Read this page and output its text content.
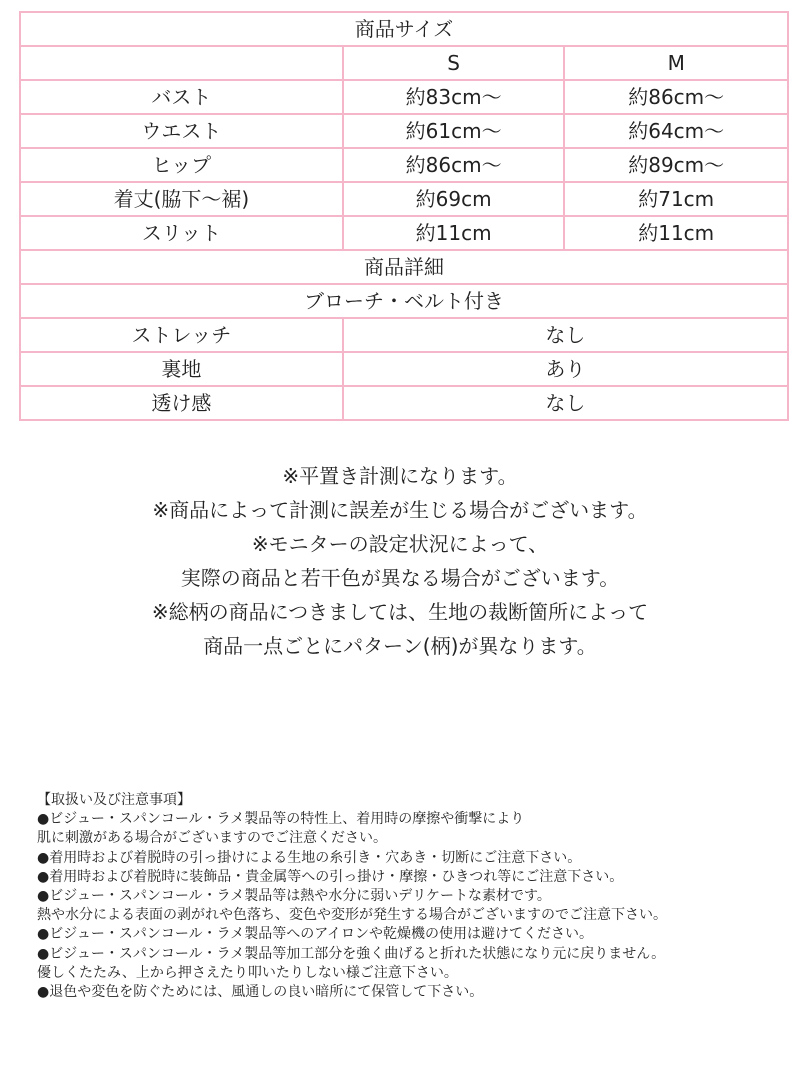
商品サイズ		
	S	M
バスト	約83cm～	約86cm～
ウエスト	約61cm～	約64cm～
ヒップ	約86cm～	約89cm～
着丈(脇下～裾)	約69cm	約71cm
スリット	約11cm	約11cm
商品詳細		
ブローチ・ベルト付き		
ストレッチ	なし	
裏地	あり	
透け感	なし	
※平置き計測になります。
※商品によって計測に誤差が生じる場合がございます。
※モニターの設定状況によって、
実際の商品と若干色が異なる場合がございます。
※総柄の商品につきましては、生地の裁断箇所によって
商品一点ごとにパターン(柄)が異なります。
【取扱い及び注意事項】
●ビジュー・スパンコール・ラメ製品等の特性上、着用時の摩擦や衝撃により
肌に刺激がある場合がございますのでご注意ください。
●着用時および着脱時の引っ掛けによる生地の糸引き・穴あき・切断にご注意下さい。
●着用時および着脱時に装飾品・貴金属等への引っ掛け・摩擦・ひきつれ等にご注意下さい。
●ビジュー・スパンコール・ラメ製品等は熱や水分に弱いデリケートな素材です。
熱や水分による表面の剥がれや色落ち、変色や変形が発生する場合がございますのでご注意下さい。
●ビジュー・スパンコール・ラメ製品等へのアイロンや乾燥機の使用は避けてください。
●ビジュー・スパンコール・ラメ製品等加工部分を強く曲げると折れた状態になり元に戻りません。
優しくたたみ、上から押さえたり叩いたりしない様ご注意下さい。
●退色や変色を防ぐためには、風通しの良い暗所にて保管して下さい。
